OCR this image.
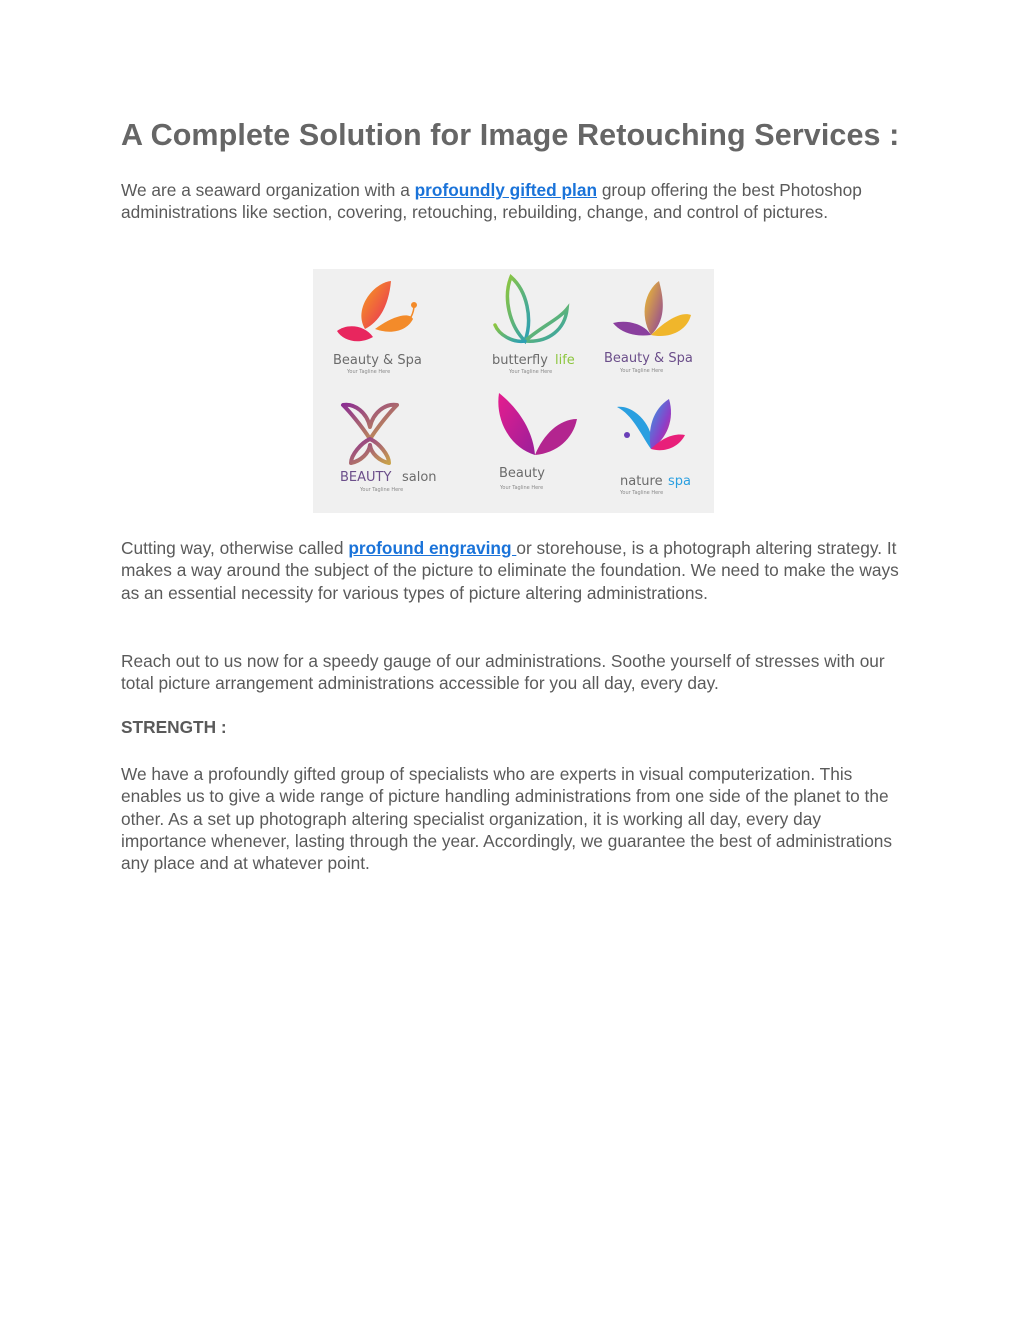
A Complete Solution for Image Retouching Services :

We are a seaward organization with a profoundly gifted plan group offering the best Photoshop administrations like section, covering, retouching, rebuilding, change, and control of pictures.

Cutting way, otherwise called profound engraving or storehouse, is a photograph altering strategy. It makes a way around the subject of the picture to eliminate the foundation. We need to make the ways as an essential necessity for various types of picture altering administrations.

Reach out to us now for a speedy gauge of our administrations. Soothe yourself of stresses with our total picture arrangement administrations accessible for you all day, every day.

STRENGTH :

We have a profoundly gifted group of specialists who are experts in visual computerization. This enables us to give a wide range of picture handling administrations from one side of the planet to the other. As a set up photograph altering specialist organization, it is working all day, every day importance whenever, lasting through the year. Accordingly, we guarantee the best of administrations any place and at whatever point.

Beauty & Spa
Your Tagline Here
butterfly life
Your Tagline Here
Beauty & Spa
Your Tagline Here
BEAUTY salon
Your Tagline Here
Beauty
Your Tagline Here	nature spa
Your Tagline Here
